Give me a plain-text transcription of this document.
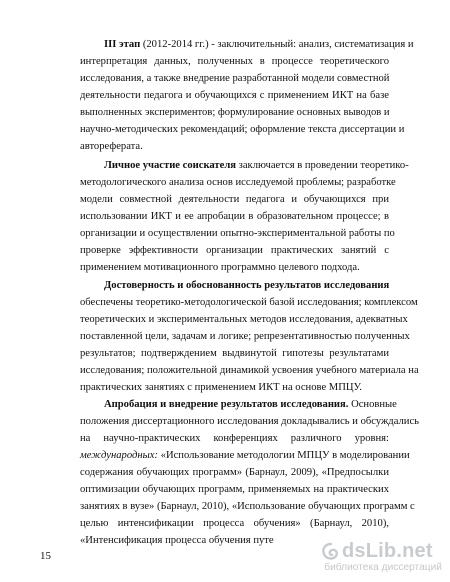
III этап (2012-2014 гг.) - заключительный: анализ, систематизация и
интерпретация данных, полученных в процессе теоретического
исследования, а также внедрение разработанной модели совместной
деятельности педагога и обучающихся с применением ИКТ на базе
выполненных экспериментов; формулирование основных выводов и
научно-методических рекомендаций; оформление текста диссертации и
автореферата.
Личное участие соискателя заключается в проведении теоретико-
методологического анализа основ исследуемой проблемы; разработке
модели совместной деятельности педагога и обучающихся при
использовании ИКТ и ее апробации в образовательном процессе; в
организации и осуществлении опытно-экспериментальной работы по
проверке эффективности организации практических занятий с
применением мотивационного программно целевого подхода.
Достоверность и обоснованность результатов исследования
обеспечены теоретико-методологической базой исследования; комплексом
теоретических и экспериментальных методов исследования, адекватных
поставленной цели, задачам и логике; репрезентативностью полученных
результатов; подтверждением выдвинутой гипотезы результатами
исследования; положительной динамикой усвоения учебного материала на
практических занятиях с применением ИКТ на основе МПЦУ.
Апробация и внедрение результатов исследования. Основные
положения диссертационного исследования докладывались и обсуждались
на научно-практических конференциях различного уровня:
международных: «Использование методологии МПЦУ в моделировании
содержания обучающих программ» (Барнаул, 2009), «Предпосылки
оптимизации обучающих программ, применяемых на практических
занятиях в вузе» (Барнаул, 2010), «Использование обучающих программ с
целью интенсификации процесса обучения» (Барнаул, 2010),
«Интенсификация процесса обучения путе
15	dsLib.net
библиотека диссертаций
